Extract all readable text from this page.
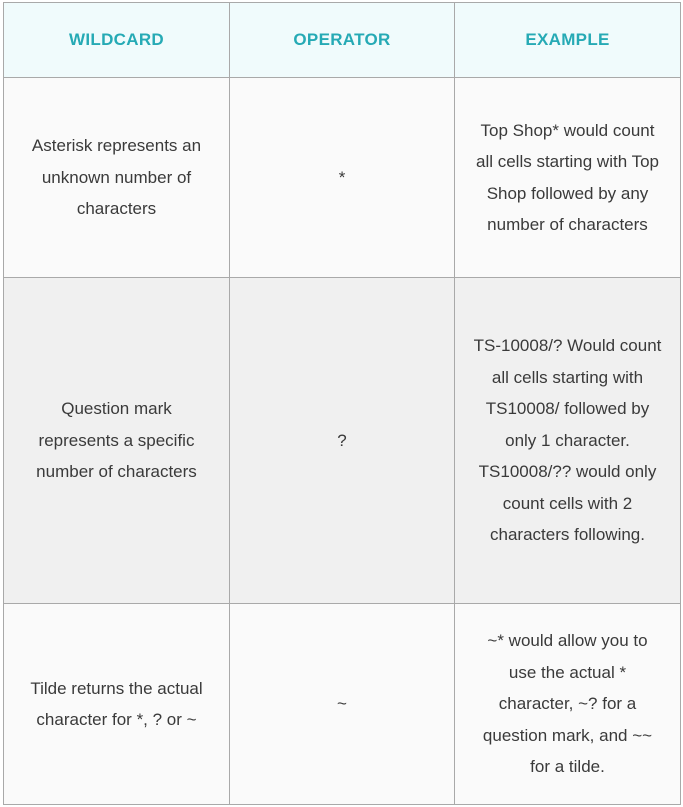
WILDCARD	OPERATOR	EXAMPLE
Asterisk represents an unknown number of characters	*	Top Shop* would count all cells starting with Top Shop followed by any number of characters
Question mark represents a specific number of characters	?	TS-10008/? Would count all cells starting with TS10008/ followed by only 1 character. TS10008/?? would only count cells with 2 characters following.
Tilde returns the actual character for *, ? or ~	~	~* would allow you to use the actual * character, ~? for a question mark, and ~~ for a tilde.
